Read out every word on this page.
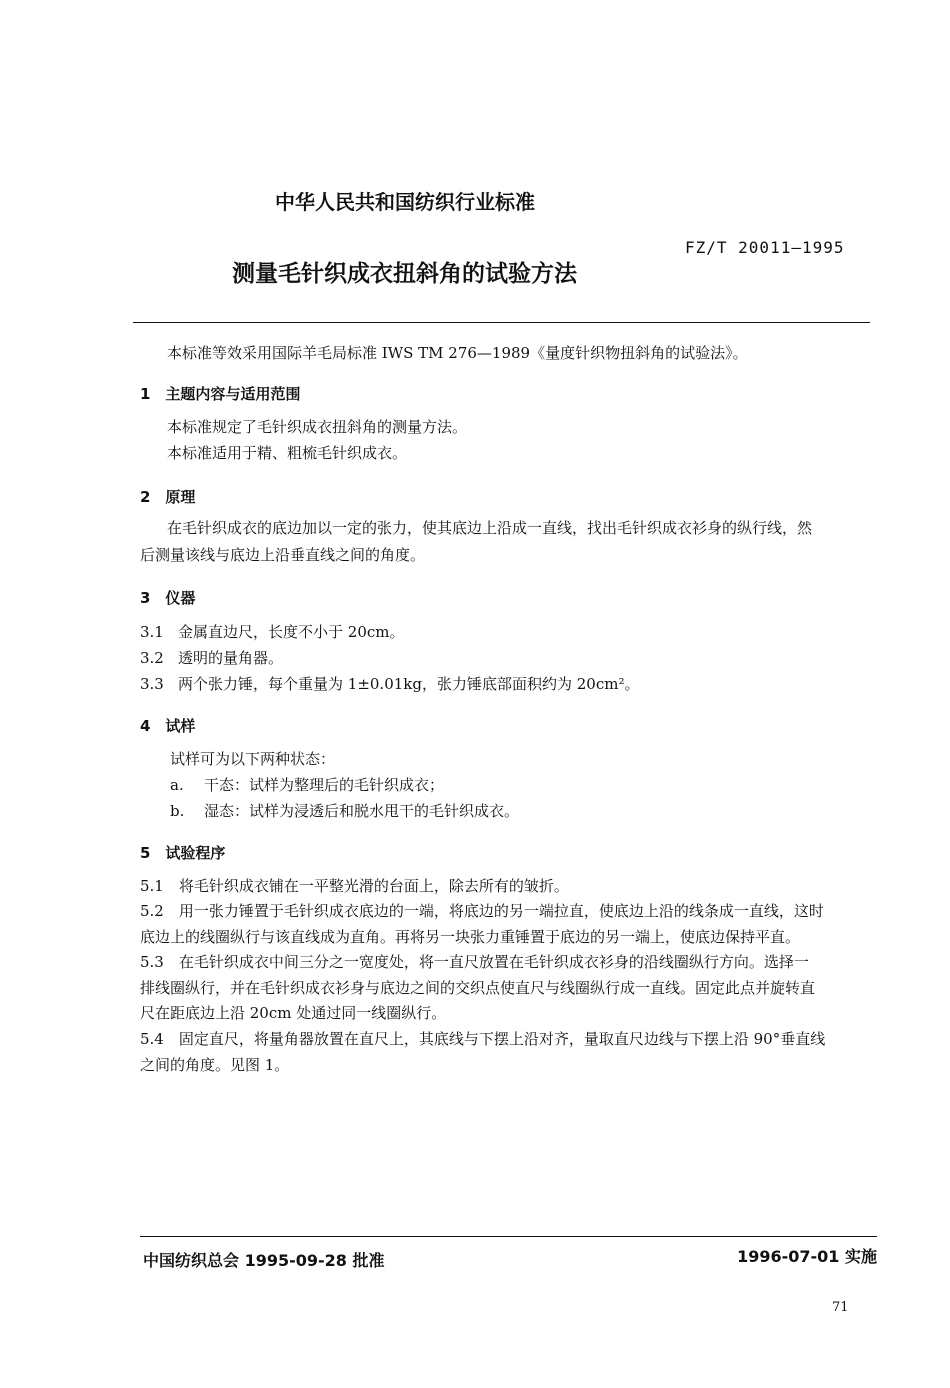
中华人民共和国纺织行业标准
FZ/T 20011—1995
测量毛针织成衣扭斜角的试验方法
本标准等效采用国际羊毛局标准 IWS TM 276—1989《量度针织物扭斜角的试验法》。
1　主题内容与适用范围
本标准规定了毛针织成衣扭斜角的测量方法。
本标准适用于精、粗梳毛针织成衣。
2　原理
在毛针织成衣的底边加以一定的张力，使其底边上沿成一直线，找出毛针织成衣衫身的纵行线，然
后测量该线与底边上沿垂直线之间的角度。
3　仪器
3.1 金属直边尺，长度不小于 20cm。
3.2 透明的量角器。
3.3 两个张力锤，每个重量为 1±0.01kg，张力锤底部面积约为 20cm²。
4　试样
试样可为以下两种状态：
a. 干态：试样为整理后的毛针织成衣；
b. 湿态：试样为浸透后和脱水甩干的毛针织成衣。
5　试验程序
5.1　将毛针织成衣铺在一平整光滑的台面上，除去所有的皱折。
5.2　用一张力锤置于毛针织成衣底边的一端，将底边的另一端拉直，使底边上沿的线条成一直线，这时
底边上的线圈纵行与该直线成为直角。再将另一块张力重锤置于底边的另一端上，使底边保持平直。
5.3　在毛针织成衣中间三分之一宽度处，将一直尺放置在毛针织成衣衫身的沿线圈纵行方向。选择一
排线圈纵行，并在毛针织成衣衫身与底边之间的交织点使直尺与线圈纵行成一直线。固定此点并旋转直
尺在距底边上沿 20cm 处通过同一线圈纵行。
5.4　固定直尺，将量角器放置在直尺上，其底线与下摆上沿对齐，量取直尺边线与下摆上沿 90°垂直线
之间的角度。见图 1。
中国纺织总会 1995-09-28 批准	1996-07-01 实施
71
